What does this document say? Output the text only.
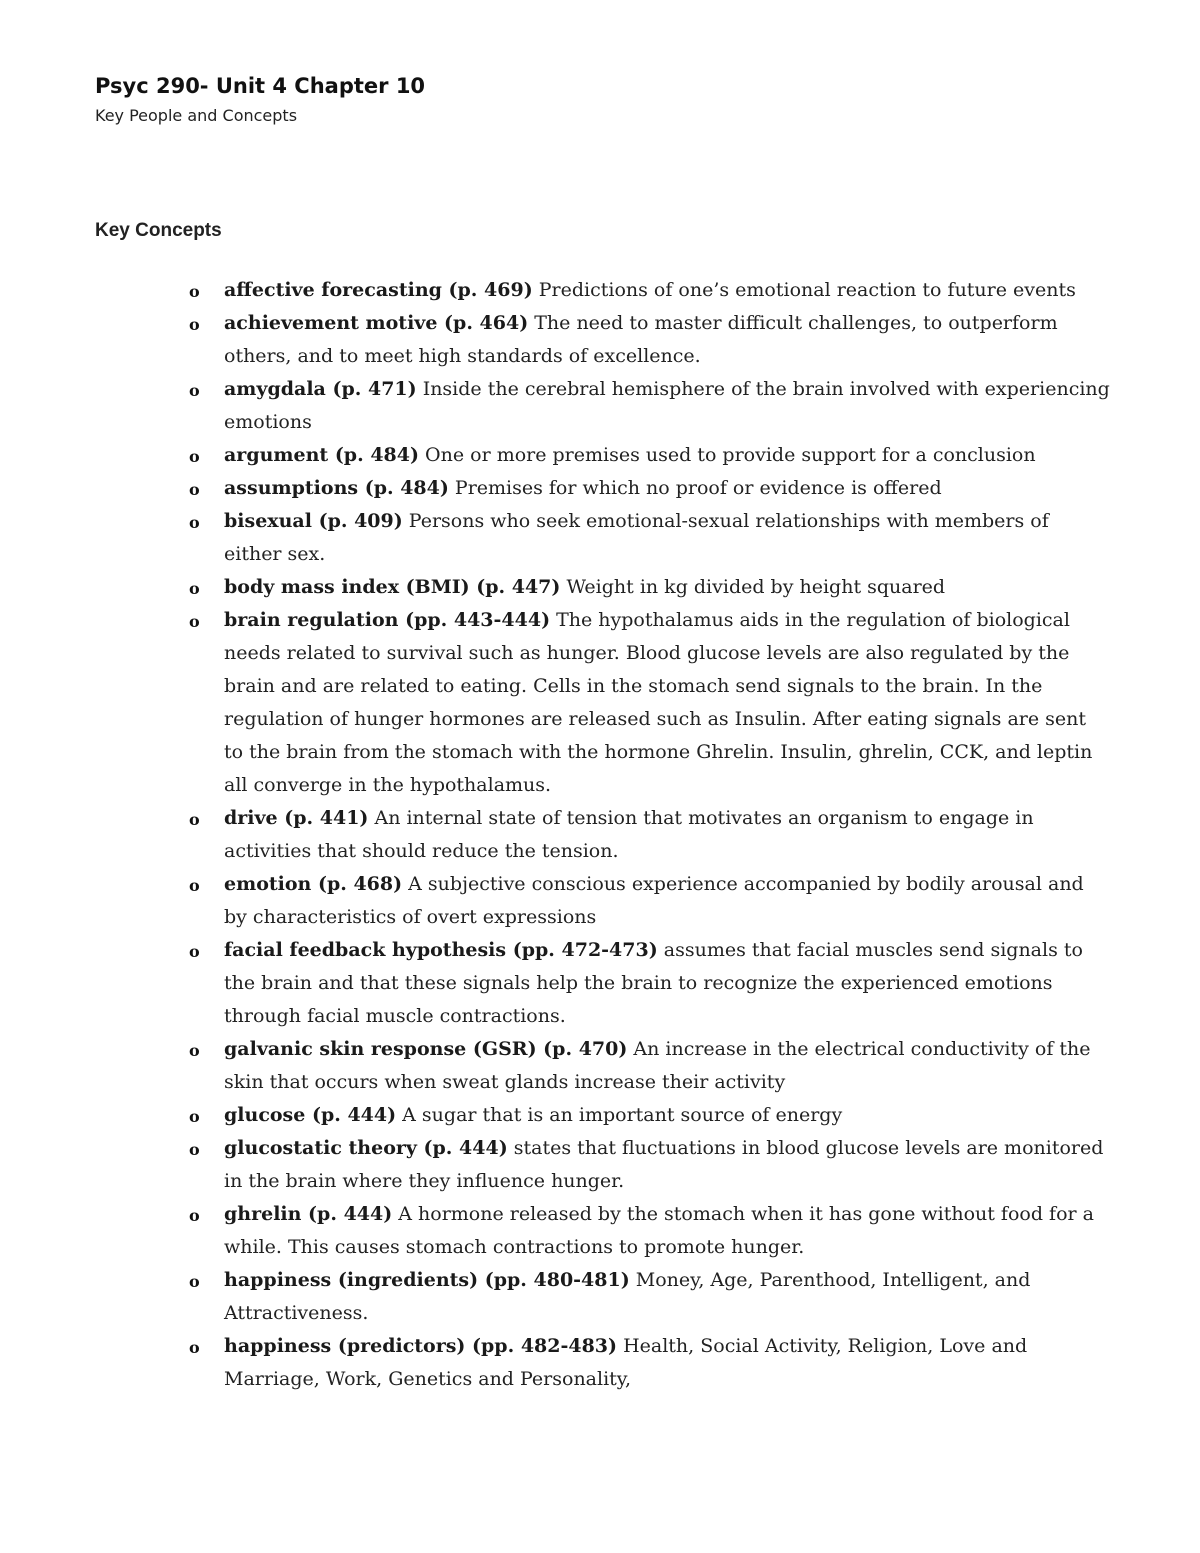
Psyc 290- Unit 4 Chapter 10

Key People and Concepts

Key Concepts
o affective forecasting (p. 469) Predictions of one’s emotional reaction to future events
o achievement motive (p. 464) The need to master difficult challenges, to outperform others, and to meet high standards of excellence.
o amygdala (p. 471) Inside the cerebral hemisphere of the brain involved with experiencing emotions
o argument (p. 484) One or more premises used to provide support for a conclusion
o assumptions (p. 484) Premises for which no proof or evidence is offered
o bisexual (p. 409) Persons who seek emotional-sexual relationships with members of either sex.
o body mass index (BMI) (p. 447) Weight in kg divided by height squared
o brain regulation (pp. 443-444) The hypothalamus aids in the regulation of biological needs related to survival such as hunger. Blood glucose levels are also regulated by the brain and are related to eating. Cells in the stomach send signals to the brain. In the regulation of hunger hormones are released such as Insulin. After eating signals are sent to the brain from the stomach with the hormone Ghrelin. Insulin, ghrelin, CCK, and leptin all converge in the hypothalamus.
o drive (p. 441) An internal state of tension that motivates an organism to engage in activities that should reduce the tension.
o emotion (p. 468) A subjective conscious experience accompanied by bodily arousal and by characteristics of overt expressions
o facial feedback hypothesis (pp. 472-473) assumes that facial muscles send signals to the brain and that these signals help the brain to recognize the experienced emotions through facial muscle contractions.
o galvanic skin response (GSR) (p. 470) An increase in the electrical conductivity of the skin that occurs when sweat glands increase their activity
o glucose (p. 444) A sugar that is an important source of energy
o glucostatic theory (p. 444) states that fluctuations in blood glucose levels are monitored in the brain where they influence hunger.
o ghrelin (p. 444) A hormone released by the stomach when it has gone without food for a while. This causes stomach contractions to promote hunger.
o happiness (ingredients) (pp. 480-481) Money, Age, Parenthood, Intelligent, and Attractiveness.
o happiness (predictors) (pp. 482-483) Health, Social Activity, Religion, Love and Marriage, Work, Genetics and Personality,
